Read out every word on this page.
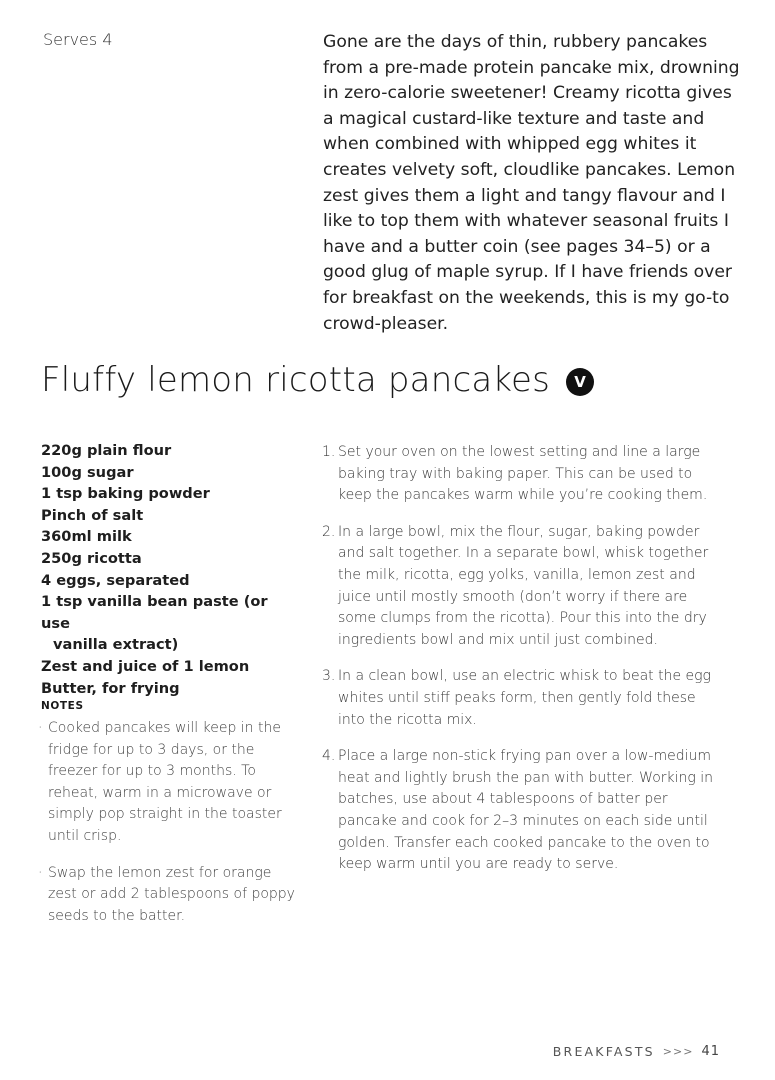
Serves 4	Gone are the days of thin, rubbery pancakes from a pre-made protein pancake mix, drowning in zero-calorie sweetener! Creamy ricotta gives a magical custard-like texture and taste and when combined with whipped egg whites it creates velvety soft, cloudlike pancakes. Lemon zest gives them a light and tangy flavour and I like to top them with whatever seasonal fruits I have and a butter coin (see pages 34–5) or a good glug of maple syrup. If I have friends over for breakfast on the weekends, this is my go-to crowd-pleaser.

Fluffy lemon ricotta pancakes	V
220g plain flour
100g sugar
1 tsp baking powder
Pinch of salt
360ml milk
250g ricotta
4 eggs, separated
1 tsp vanilla bean paste (or use
vanilla extract)
Zest and juice of 1 lemon
Butter, for frying
NOTES
· Cooked pancakes will keep in the fridge for up to 3 days, or the freezer for up to 3 months. To reheat, warm in a microwave or simply pop straight in the toaster until crisp.
· Swap the lemon zest for orange zest or add 2 tablespoons of poppy seeds to the batter.
1. Set your oven on the lowest setting and line a large baking tray with baking paper. This can be used to keep the pancakes warm while you’re cooking them.
2. In a large bowl, mix the flour, sugar, baking powder and salt together. In a separate bowl, whisk together the milk, ricotta, egg yolks, vanilla, lemon zest and juice until mostly smooth (don’t worry if there are some clumps from the ricotta). Pour this into the dry ingredients bowl and mix until just combined.
3. In a clean bowl, use an electric whisk to beat the egg whites until stiff peaks form, then gently fold these into the ricotta mix.
4. Place a large non-stick frying pan over a low-medium heat and lightly brush the pan with butter. Working in batches, use about 4 tablespoons of batter per pancake and cook for 2–3 minutes on each side until golden. Transfer each cooked pancake to the oven to keep warm until you are ready to serve.
BREAKFASTS >>> 41
